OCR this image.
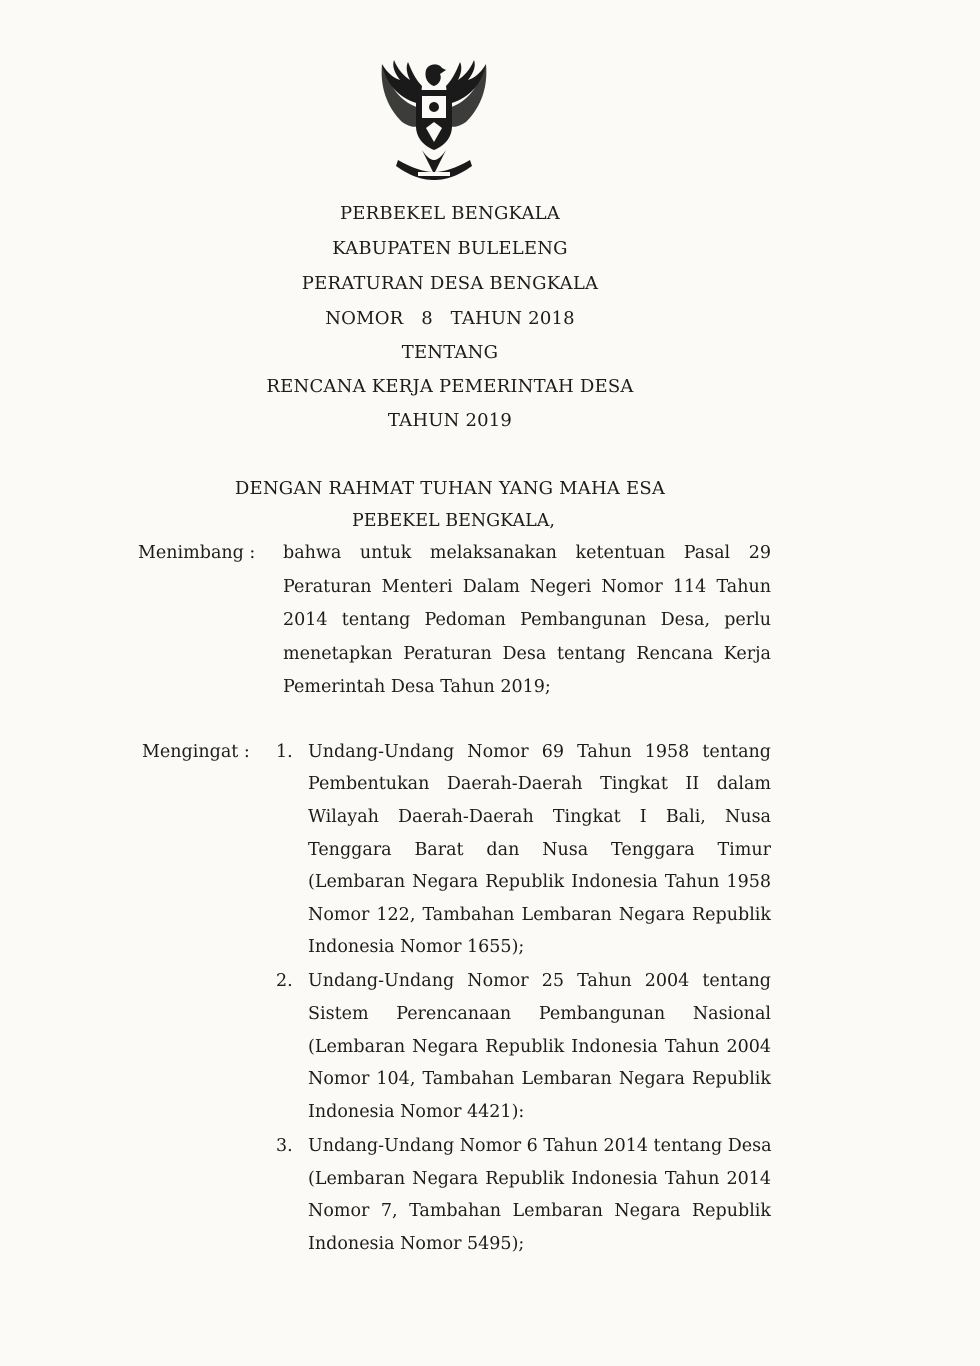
PERBEKEL BENGKALA
KABUPATEN BULELENG
PERATURAN DESA BENGKALA
NOMOR   8   TAHUN 2018
TENTANG
RENCANA KERJA PEMERINTAH DESA
TAHUN 2019
DENGAN RAHMAT TUHAN YANG MAHA ESA
PEBEKEL BENGKALA,
Menimbang : bahwa untuk melaksanakan ketentuan Pasal 29
Peraturan Menteri Dalam Negeri Nomor 114 Tahun
2014 tentang Pedoman Pembangunan Desa, perlu
menetapkan Peraturan Desa tentang Rencana Kerja
Pemerintah Desa Tahun 2019;
Mengingat : 1. Undang-Undang Nomor 69 Tahun 1958 tentang
Pembentukan Daerah-Daerah Tingkat II dalam
Wilayah Daerah-Daerah Tingkat I Bali, Nusa
Tenggara Barat dan Nusa Tenggara Timur
(Lembaran Negara Republik Indonesia Tahun 1958
Nomor 122, Tambahan Lembaran Negara Republik
Indonesia Nomor 1655);
2. Undang-Undang Nomor 25 Tahun 2004 tentang
Sistem Perencanaan Pembangunan Nasional
(Lembaran Negara Republik Indonesia Tahun 2004
Nomor 104, Tambahan Lembaran Negara Republik
Indonesia Nomor 4421):
3. Undang-Undang Nomor 6 Tahun 2014 tentang Desa
(Lembaran Negara Republik Indonesia Tahun 2014
Nomor 7, Tambahan Lembaran Negara Republik
Indonesia Nomor 5495);
